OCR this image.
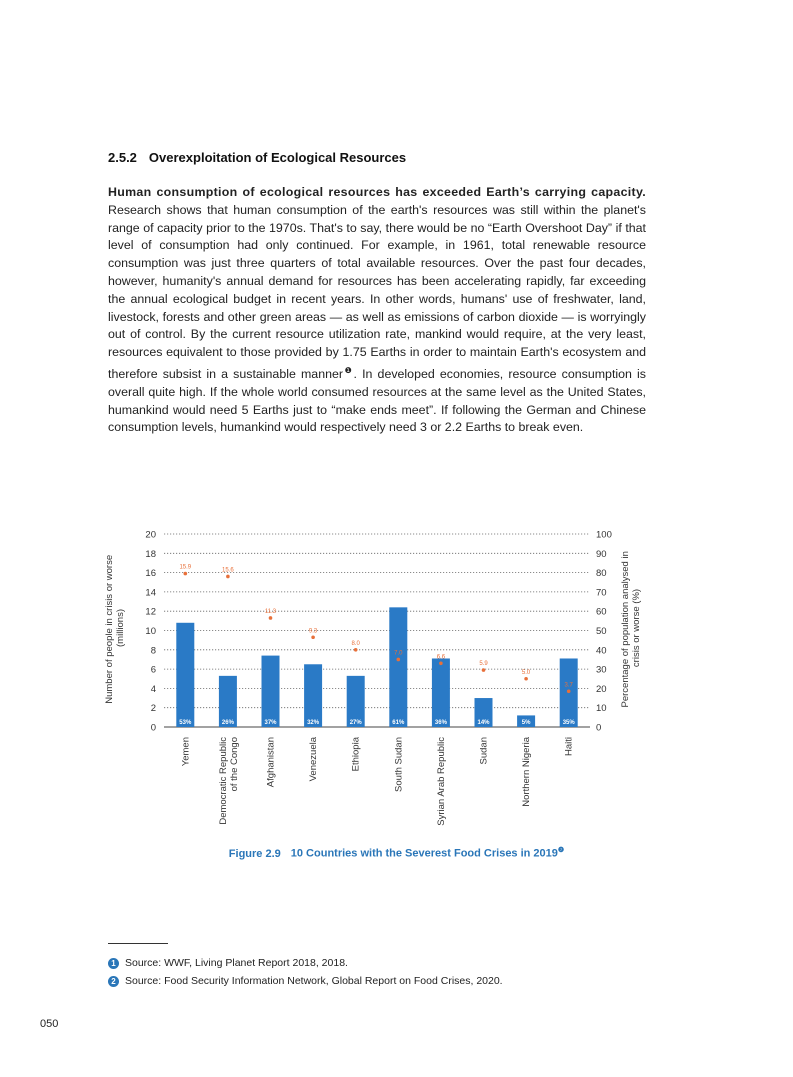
2.5.2 Overexploitation of Ecological Resources
Human consumption of ecological resources has exceeded Earth’s carrying capacity. Research shows that human consumption of the earth's resources was still within the planet's range of capacity prior to the 1970s. That's to say, there would be no “Earth Overshoot Day” if that level of consumption had only continued. For example, in 1961, total renewable resource consumption was just three quarters of total available resources. Over the past four decades, however, humanity's annual demand for resources has been accelerating rapidly, far exceeding the annual ecological budget in recent years. In other words, humans' use of freshwater, land, livestock, forests and other green areas — as well as emissions of carbon dioxide — is worryingly out of control. By the current resource utilization rate, mankind would require, at the very least, resources equivalent to those provided by 1.75 Earths in order to maintain Earth's ecosystem and therefore subsist in a sustainable manner$^❶$. In developed economies, resource consumption is overall quite high. If the whole world consumed resources at the same level as the United States, humankind would need 5 Earths just to “make ends meet”. If following the German and Chinese consumption levels, humankind would respectively need 3 or 2.2 Earths to break even.
0
2
4
6
8
10
12
14
16
18
20
0
10
20
30
40
50
60
70
80
90
100
53%
15.9
Yemen
26%
15.6
Democratic Republic of the Congo
37%
11.3
Afghanistan
32%
9.3
Venezuela
27%
8.0
Ethiopia
61%
7.0
South Sudan
36%
6.6
Syrian Arab Republic
14%
5.9
Sudan
5%
5.0
Northern Nigeria
35%
3.7
Haiti
Number of people in crisis or worse (millions)	Percentage of population analysed in crisis or worse (%)
Figure 2.9 10 Countries with the Severest Food Crises in $2019^❷$
1 Source: WWF, Living Planet Report 2018, 2018.
2 Source: Food Security Information Network, Global Report on Food Crises, 2020.
050
